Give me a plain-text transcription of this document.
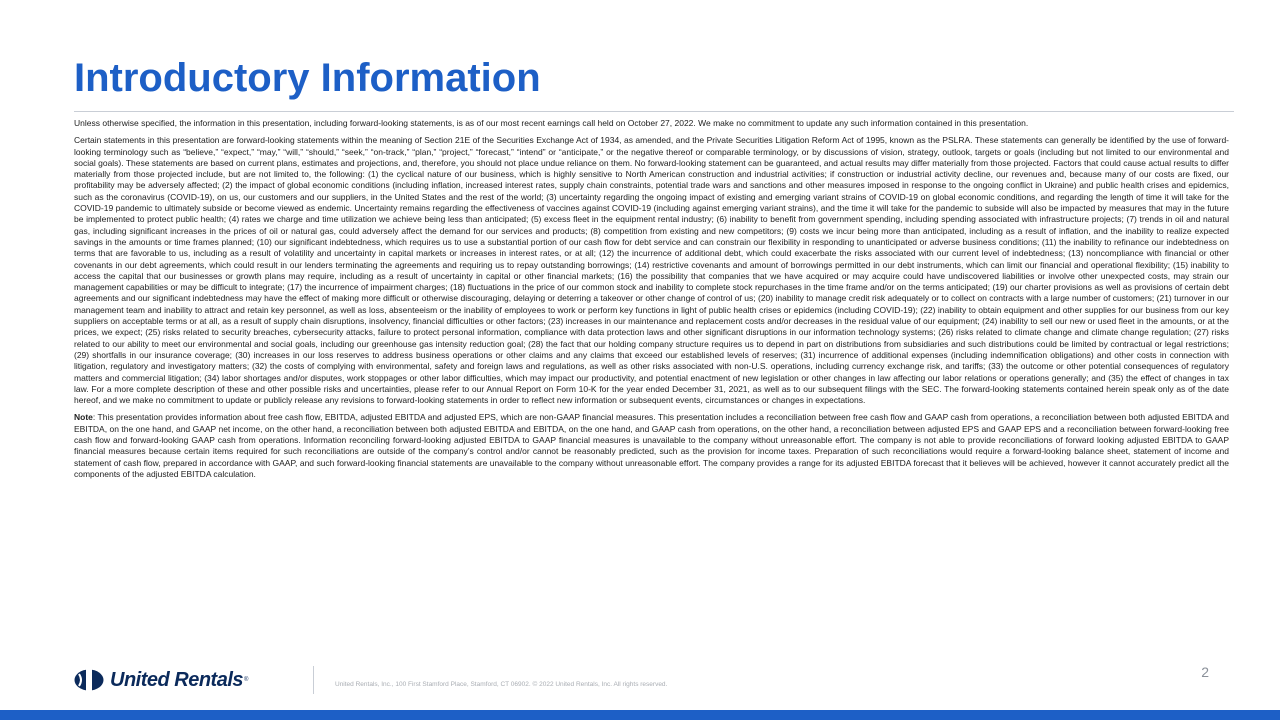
Introductory Information

Unless otherwise specified, the information in this presentation, including forward-looking statements, is as of our most recent earnings call held on October 27, 2022. We make no commitment to update any such information contained in this presentation.

Certain statements in this presentation are forward-looking statements within the meaning of Section 21E of the Securities Exchange Act of 1934, as amended, and the Private Securities Litigation Reform Act of 1995, known as the PSLRA. These statements can generally be identified by the use of forward-looking terminology such as “believe,” “expect,” “may,” “will,” “should,” “seek,” “on-track,” “plan,” “project,” “forecast,” “intend” or “anticipate,” or the negative thereof or comparable terminology, or by discussions of vision, strategy, outlook, targets or goals (including but not limited to our environmental and social goals). These statements are based on current plans, estimates and projections, and, therefore, you should not place undue reliance on them. No forward-looking statement can be guaranteed, and actual results may differ materially from those projected. Factors that could cause actual results to differ materially from those projected include, but are not limited to, the following: (1) the cyclical nature of our business, which is highly sensitive to North American construction and industrial activities; if construction or industrial activity decline, our revenues and, because many of our costs are fixed, our profitability may be adversely affected; (2) the impact of global economic conditions (including inflation, increased interest rates, supply chain constraints, potential trade wars and sanctions and other measures imposed in response to the ongoing conflict in Ukraine) and public health crises and epidemics, such as the coronavirus (COVID-19), on us, our customers and our suppliers, in the United States and the rest of the world; (3) uncertainty regarding the ongoing impact of existing and emerging variant strains of COVID-19 on global economic conditions, and regarding the length of time it will take for the COVID-19 pandemic to ultimately subside or become viewed as endemic. Uncertainty remains regarding the effectiveness of vaccines against COVID-19 (including against emerging variant strains), and the time it will take for the pandemic to subside will also be impacted by measures that may in the future be implemented to protect public health; (4) rates we charge and time utilization we achieve being less than anticipated; (5) excess fleet in the equipment rental industry; (6) inability to benefit from government spending, including spending associated with infrastructure projects; (7) trends in oil and natural gas, including significant increases in the prices of oil or natural gas, could adversely affect the demand for our services and products; (8) competition from existing and new competitors; (9) costs we incur being more than anticipated, including as a result of inflation, and the inability to realize expected savings in the amounts or time frames planned; (10) our significant indebtedness, which requires us to use a substantial portion of our cash flow for debt service and can constrain our flexibility in responding to unanticipated or adverse business conditions; (11) the inability to refinance our indebtedness on terms that are favorable to us, including as a result of volatility and uncertainty in capital markets or increases in interest rates, or at all; (12) the incurrence of additional debt, which could exacerbate the risks associated with our current level of indebtedness; (13) noncompliance with financial or other covenants in our debt agreements, which could result in our lenders terminating the agreements and requiring us to repay outstanding borrowings; (14) restrictive covenants and amount of borrowings permitted in our debt instruments, which can limit our financial and operational flexibility; (15) inability to access the capital that our businesses or growth plans may require, including as a result of uncertainty in capital or other financial markets; (16) the possibility that companies that we have acquired or may acquire could have undiscovered liabilities or involve other unexpected costs, may strain our management capabilities or may be difficult to integrate; (17) the incurrence of impairment charges; (18) fluctuations in the price of our common stock and inability to complete stock repurchases in the time frame and/or on the terms anticipated; (19) our charter provisions as well as provisions of certain debt agreements and our significant indebtedness may have the effect of making more difficult or otherwise discouraging, delaying or deterring a takeover or other change of control of us; (20) inability to manage credit risk adequately or to collect on contracts with a large number of customers; (21) turnover in our management team and inability to attract and retain key personnel, as well as loss, absenteeism or the inability of employees to work or perform key functions in light of public health crises or epidemics (including COVID-19); (22) inability to obtain equipment and other supplies for our business from our key suppliers on acceptable terms or at all, as a result of supply chain disruptions, insolvency, financial difficulties or other factors; (23) increases in our maintenance and replacement costs and/or decreases in the residual value of our equipment; (24) inability to sell our new or used fleet in the amounts, or at the prices, we expect; (25) risks related to security breaches, cybersecurity attacks, failure to protect personal information, compliance with data protection laws and other significant disruptions in our information technology systems; (26) risks related to climate change and climate change regulation; (27) risks related to our ability to meet our environmental and social goals, including our greenhouse gas intensity reduction goal; (28) the fact that our holding company structure requires us to depend in part on distributions from subsidiaries and such distributions could be limited by contractual or legal restrictions; (29) shortfalls in our insurance coverage; (30) increases in our loss reserves to address business operations or other claims and any claims that exceed our established levels of reserves; (31) incurrence of additional expenses (including indemnification obligations) and other costs in connection with litigation, regulatory and investigatory matters; (32) the costs of complying with environmental, safety and foreign laws and regulations, as well as other risks associated with non-U.S. operations, including currency exchange risk, and tariffs; (33) the outcome or other potential consequences of regulatory matters and commercial litigation; (34) labor shortages and/or disputes, work stoppages or other labor difficulties, which may impact our productivity, and potential enactment of new legislation or other changes in law affecting our labor relations or operations generally; and (35) the effect of changes in tax law. For a more complete description of these and other possible risks and uncertainties, please refer to our Annual Report on Form 10-K for the year ended December 31, 2021, as well as to our subsequent filings with the SEC. The forward-looking statements contained herein speak only as of the date hereof, and we make no commitment to update or publicly release any revisions to forward-looking statements in order to reflect new information or subsequent events, circumstances or changes in expectations.

Note: This presentation provides information about free cash flow, EBITDA, adjusted EBITDA and adjusted EPS, which are non-GAAP financial measures. This presentation includes a reconciliation between free cash flow and GAAP cash from operations, a reconciliation between both adjusted EBITDA and EBITDA, on the one hand, and GAAP net income, on the other hand, a reconciliation between both adjusted EBITDA and EBITDA, on the one hand, and GAAP cash from operations, on the other hand, a reconciliation between adjusted EPS and GAAP EPS and a reconciliation between forward-looking free cash flow and forward-looking GAAP cash from operations. Information reconciling forward-looking adjusted EBITDA to GAAP financial measures is unavailable to the company without unreasonable effort. The company is not able to provide reconciliations of forward looking adjusted EBITDA to GAAP financial measures because certain items required for such reconciliations are outside of the company’s control and/or cannot be reasonably predicted, such as the provision for income taxes. Preparation of such reconciliations would require a forward-looking balance sheet, statement of income and statement of cash flow, prepared in accordance with GAAP, and such forward-looking financial statements are unavailable to the company without unreasonable effort. The company provides a range for its adjusted EBITDA forecast that it believes will be achieved, however it cannot accurately predict all the components of the adjusted EBITDA calculation.

United Rentals ®
United Rentals, Inc., 100 First Stamford Place, Stamford, CT 06902. © 2022 United Rentals, Inc. All rights reserved.
2
